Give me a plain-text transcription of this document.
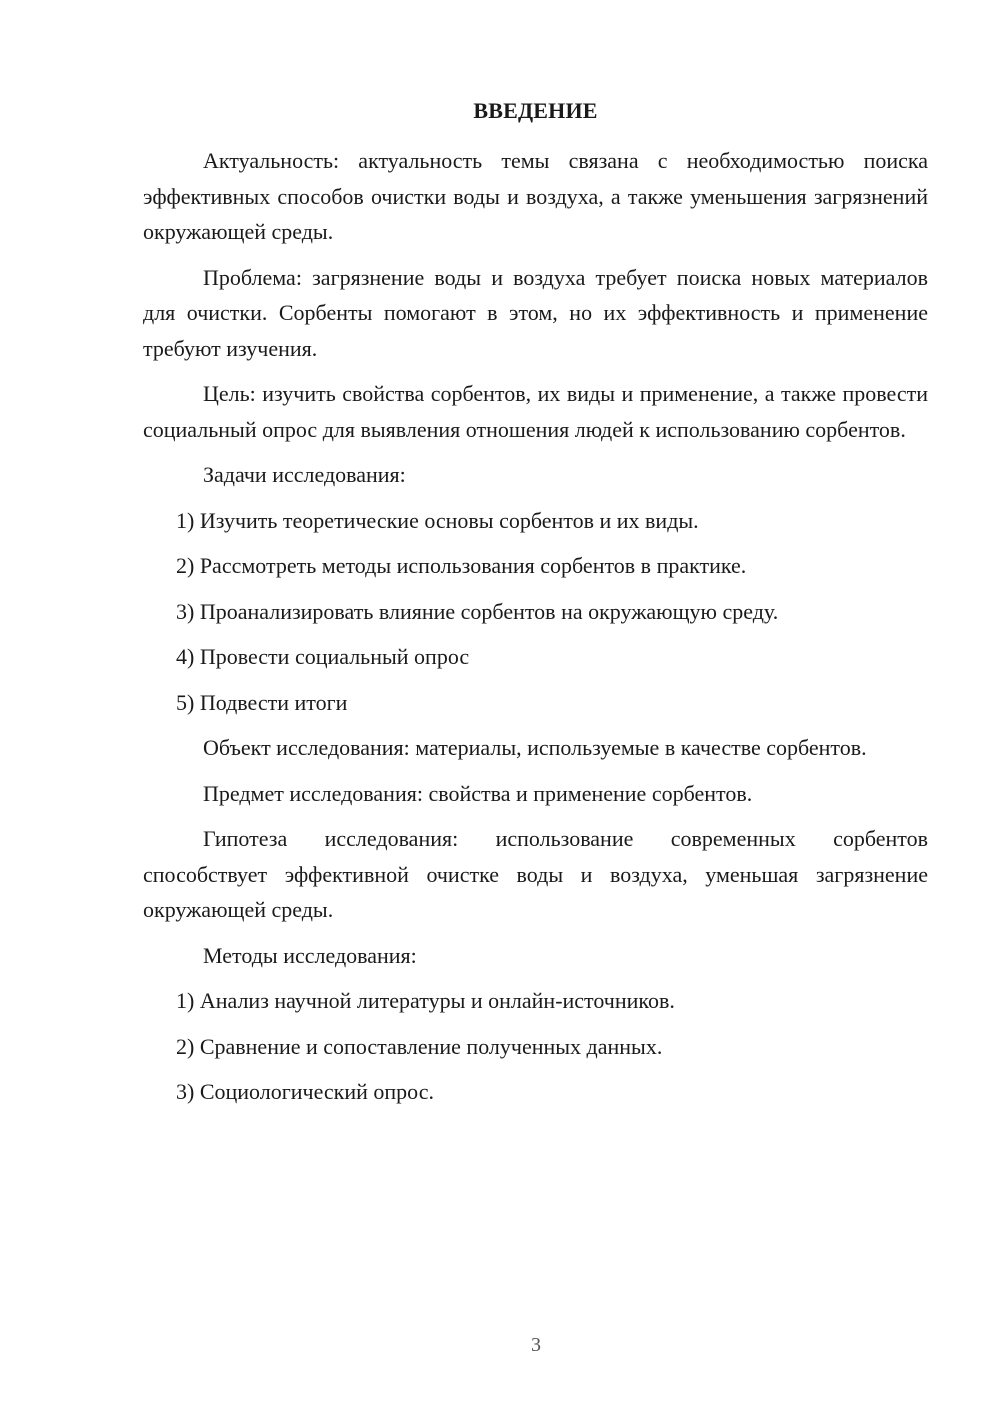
ВВЕДЕНИЕ

Актуальность: актуальность темы связана с необходимостью поиска эффективных способов очистки воды и воздуха, а также уменьшения загрязнений окружающей среды.

Проблема: загрязнение воды и воздуха требует поиска новых материалов для очистки. Сорбенты помогают в этом, но их эффективность и применение требуют изучения.

Цель: изучить свойства сорбентов, их виды и применение, а также провести социальный опрос для выявления отношения людей к использованию сорбентов.

Задачи исследования:

1) Изучить теоретические основы сорбентов и их виды.

2) Рассмотреть методы использования сорбентов в практике.

3) Проанализировать влияние сорбентов на окружающую среду.

4) Провести социальный опрос

5) Подвести итоги

Объект исследования: материалы, используемые в качестве сорбентов.

Предмет исследования: свойства и применение сорбентов.

Гипотеза исследования: использование современных сорбентов способствует эффективной очистке воды и воздуха, уменьшая загрязнение окружающей среды.

Методы исследования:

1) Анализ научной литературы и онлайн-источников.

2) Сравнение и сопоставление полученных данных.

3) Социологический опрос.

3
